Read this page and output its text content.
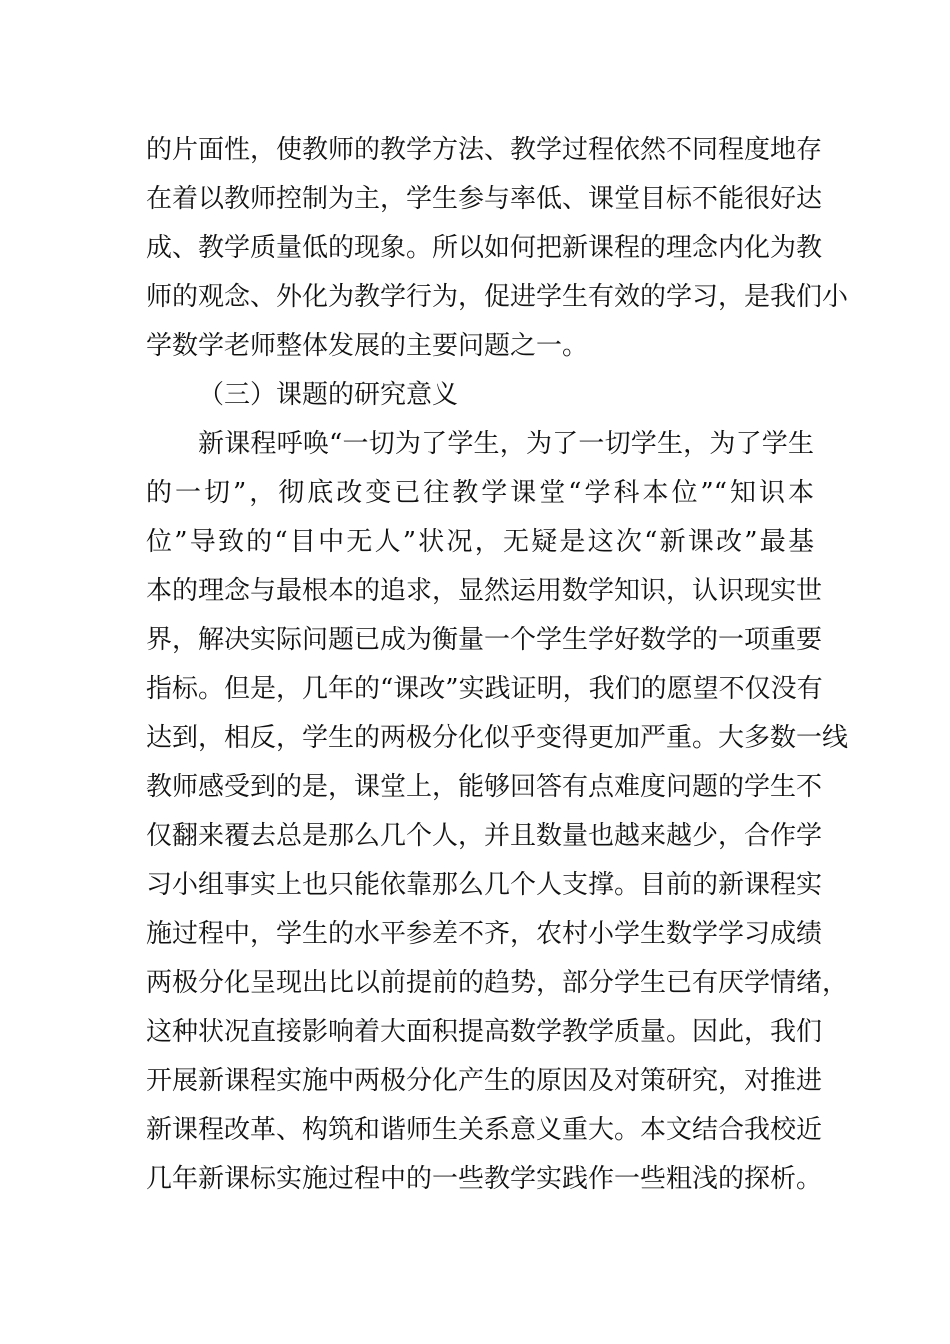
的片面性，使教师的教学方法、教学过程依然不同程度地存
在着以教师控制为主，学生参与率低、课堂目标不能很好达
成、教学质量低的现象。所以如何把新课程的理念内化为教
师的观念、外化为教学行为，促进学生有效的学习，是我们小
学数学老师整体发展的主要问题之一。
（三）课题的研究意义
新课程呼唤“一切为了学生，为了一切学生，为了学生
的一切”，彻底改变已往教学课堂“学科本位”“知识本
位”导致的“目中无人”状况，无疑是这次“新课改”最基
本的理念与最根本的追求，显然运用数学知识，认识现实世
界，解决实际问题已成为衡量一个学生学好数学的一项重要
指标。但是，几年的“课改”实践证明，我们的愿望不仅没有
达到，相反，学生的两极分化似乎变得更加严重。大多数一线
教师感受到的是，课堂上，能够回答有点难度问题的学生不
仅翻来覆去总是那么几个人，并且数量也越来越少，合作学
习小组事实上也只能依靠那么几个人支撑。目前的新课程实
施过程中，学生的水平参差不齐，农村小学生数学学习成绩
两极分化呈现出比以前提前的趋势，部分学生已有厌学情绪，
这种状况直接影响着大面积提高数学教学质量。因此，我们
开展新课程实施中两极分化产生的原因及对策研究，对推进
新课程改革、构筑和谐师生关系意义重大。本文结合我校近
几年新课标实施过程中的一些教学实践作一些粗浅的探析。
